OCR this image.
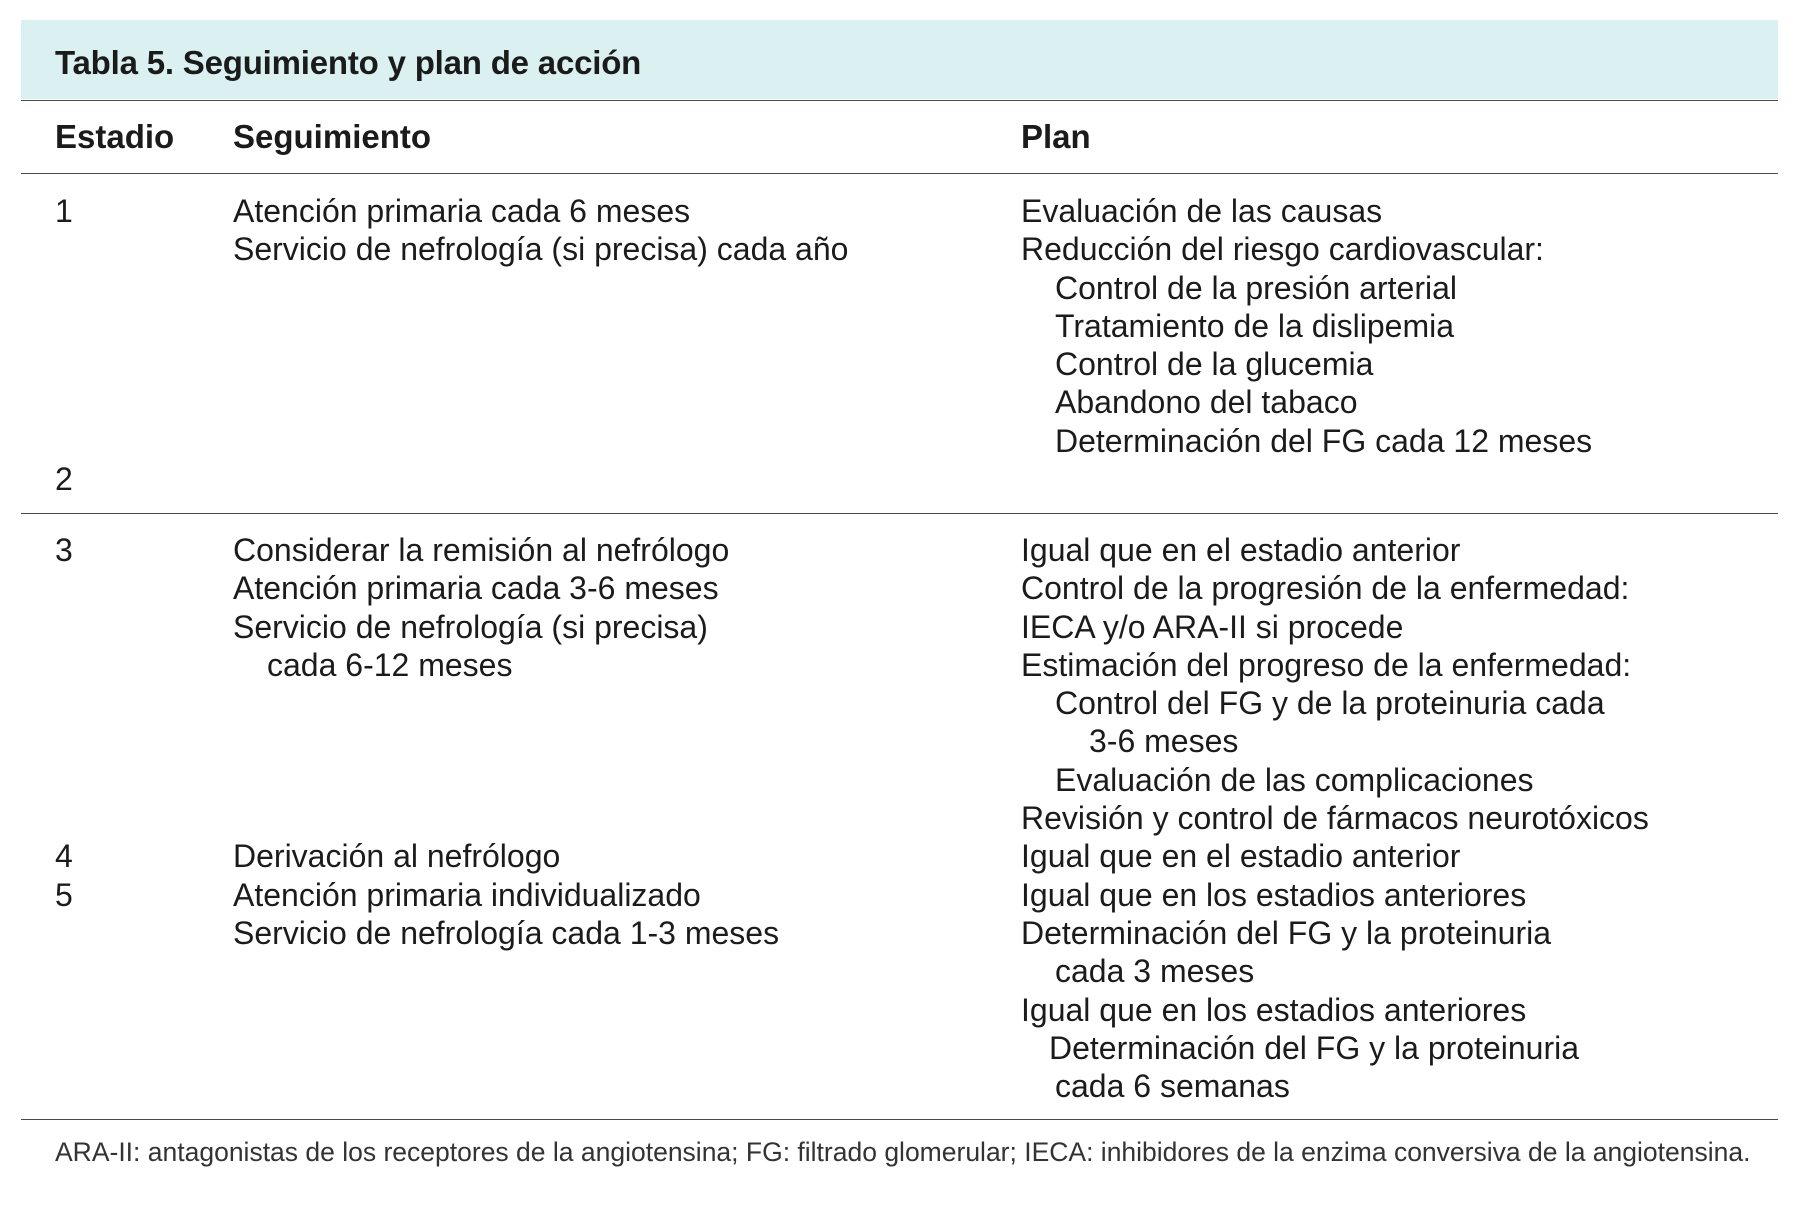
Tabla 5. Seguimiento y plan de acción
Estadio Seguimiento	Plan
1
2
Atención primaria cada 6 meses
Servicio de nefrología (si precisa) cada año
Evaluación de las causas
Reducción del riesgo cardiovascular:
Control de la presión arterial
Tratamiento de la dislipemia
Control de la glucemia
Abandono del tabaco
Determinación del FG cada 12 meses
3
4
5
Considerar la remisión al nefrólogo
Atención primaria cada 3-6 meses
Servicio de nefrología (si precisa)
cada 6-12 meses
Derivación al nefrólogo
Atención primaria individualizado
Servicio de nefrología cada 1-3 meses
Igual que en el estadio anterior
Control de la progresión de la enfermedad:
IECA y/o ARA-II si procede
Estimación del progreso de la enfermedad:
Control del FG y de la proteinuria cada
3-6 meses
Evaluación de las complicaciones
Revisión y control de fármacos neurotóxicos
Igual que en el estadio anterior
Igual que en los estadios anteriores
Determinación del FG y la proteinuria
cada 3 meses
Igual que en los estadios anteriores
Determinación del FG y la proteinuria
cada 6 semanas
ARA-II: antagonistas de los receptores de la angiotensina; FG: filtrado glomerular; IECA: inhibidores de la enzima conversiva de la angiotensina.
